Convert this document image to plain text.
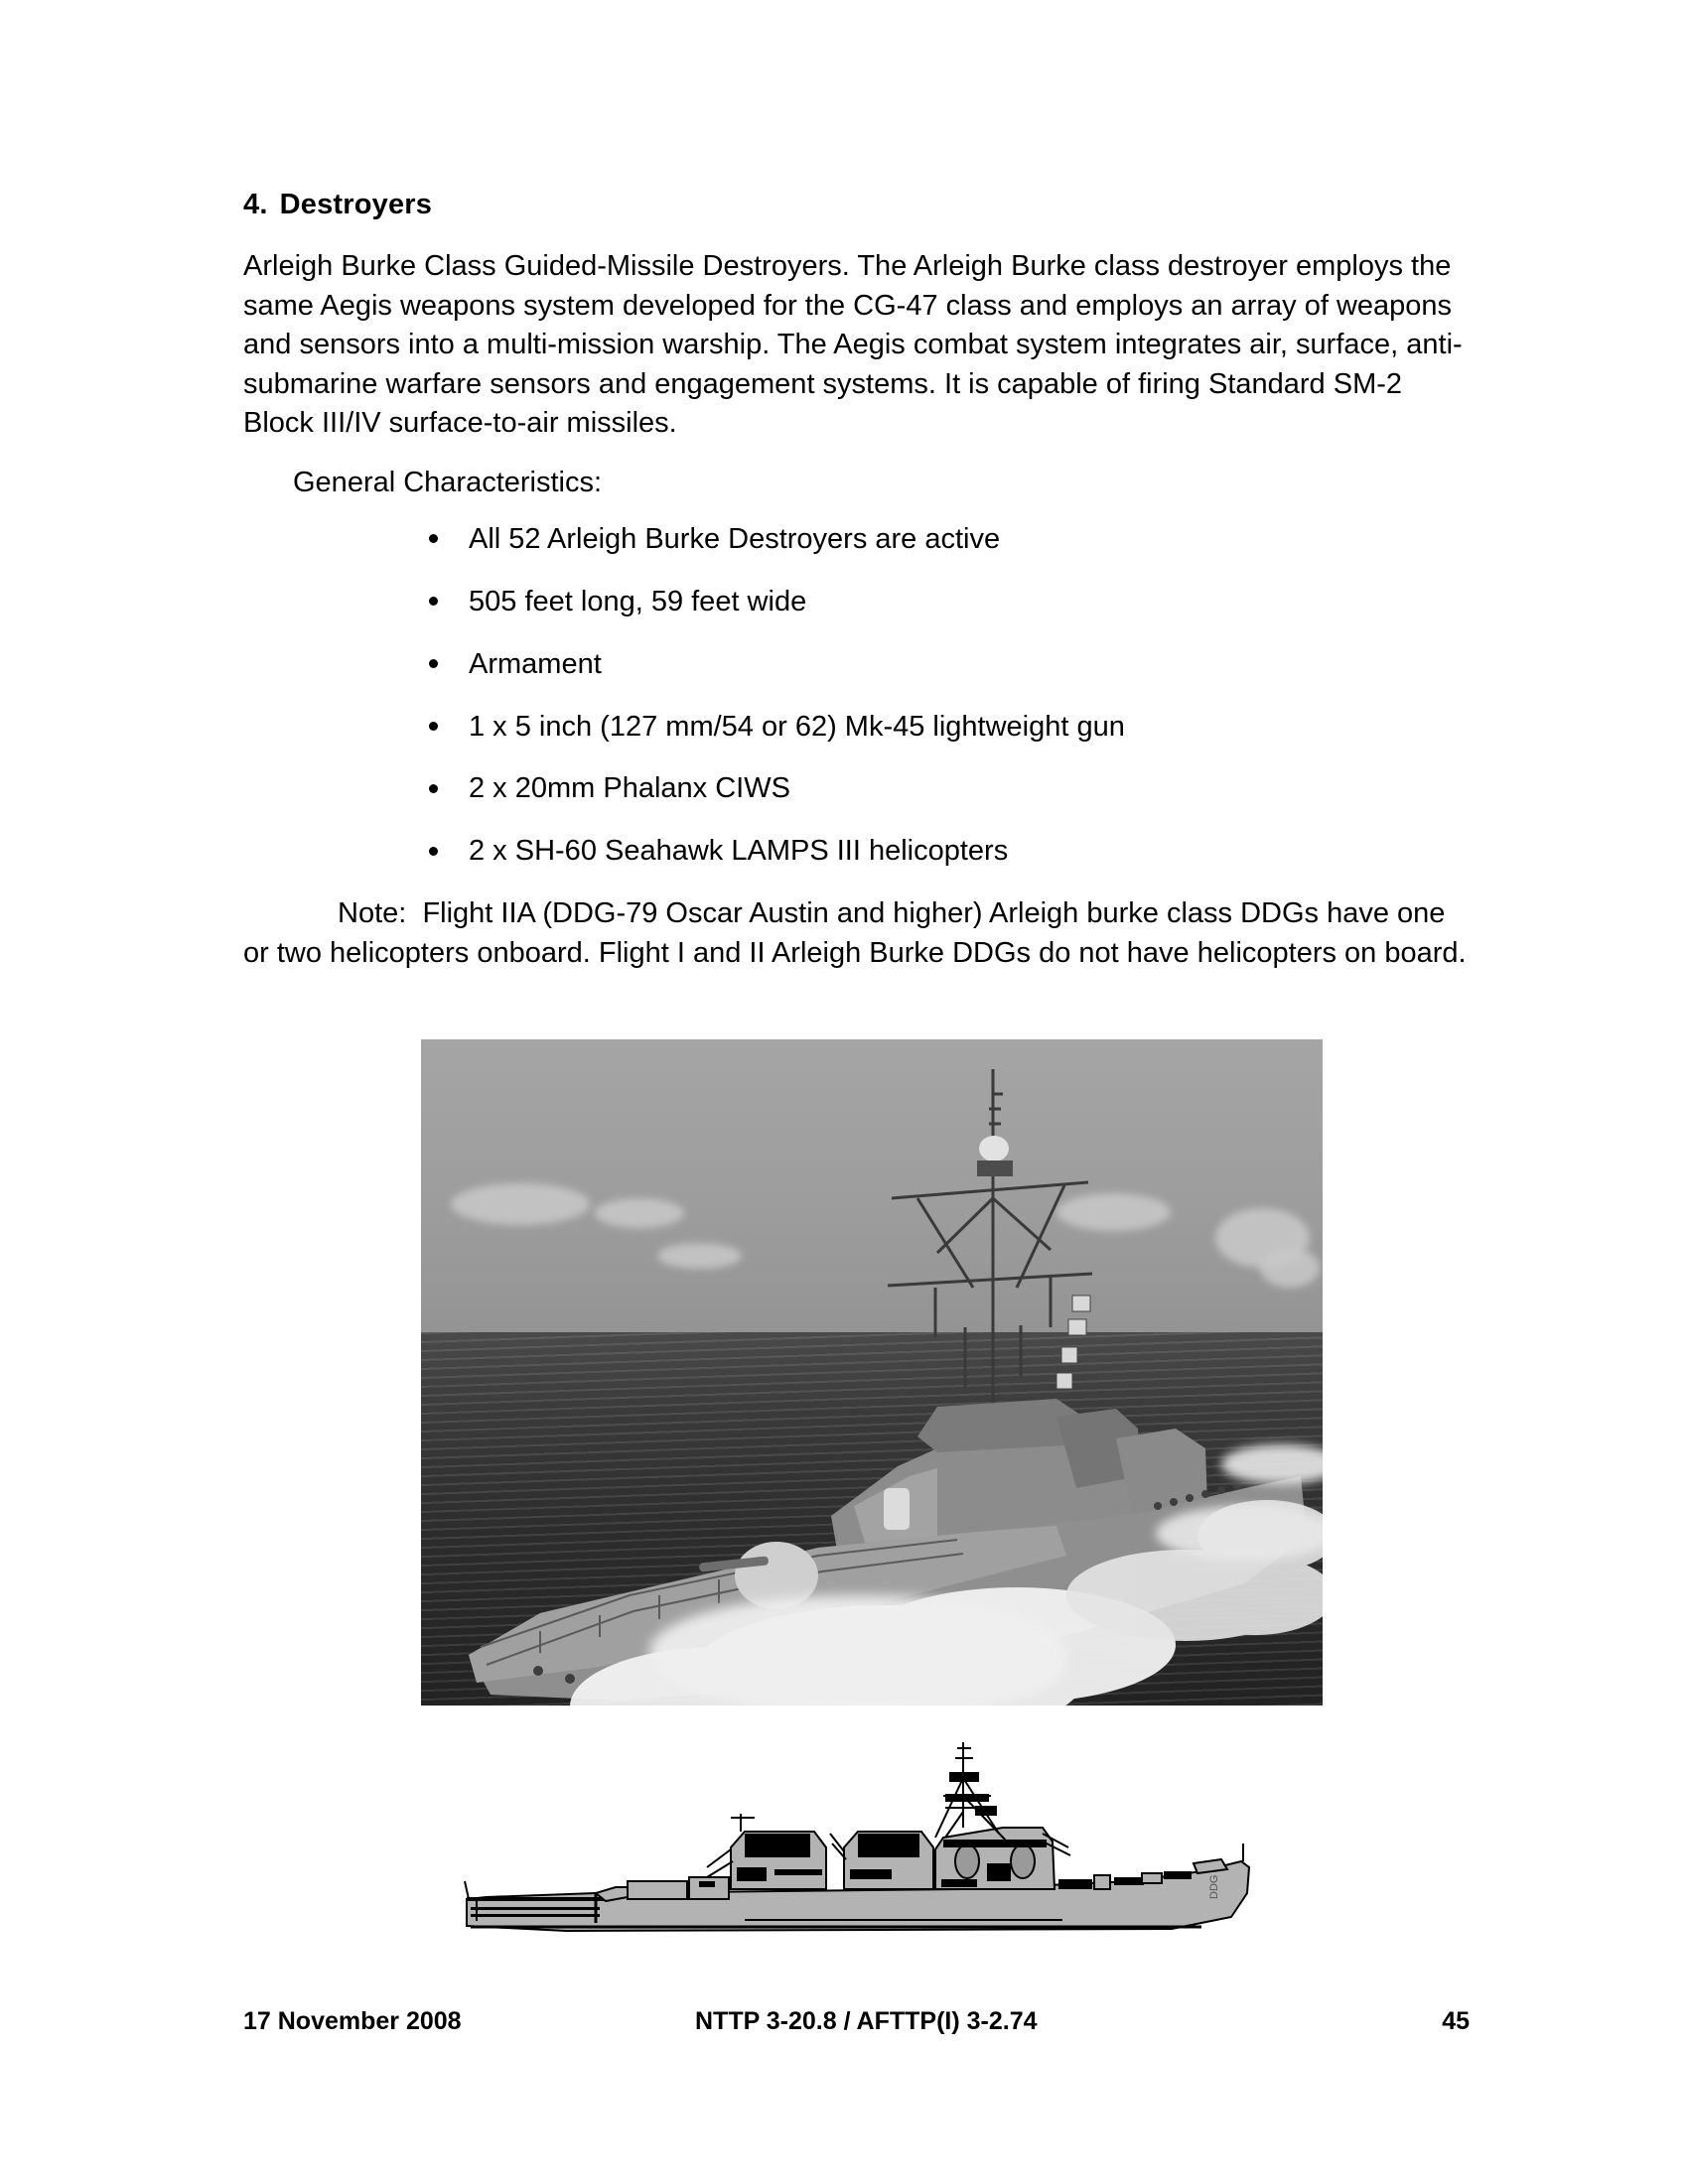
4. Destroyers

Arleigh Burke Class Guided-Missile Destroyers. The Arleigh Burke class destroyer employs the same Aegis weapons system developed for the CG-47 class and employs an array of weapons and sensors into a multi-mission warship. The Aegis combat system integrates air, surface, anti-submarine warfare sensors and engagement systems. It is capable of firing Standard SM-2 Block III/IV surface-to-air missiles.

General Characteristics:

All 52 Arleigh Burke Destroyers are active
505 feet long, 59 feet wide
Armament
1 x 5 inch (127 mm/54 or 62) Mk-45 lightweight gun
2 x 20mm Phalanx CIWS
2 x SH-60 Seahawk LAMPS III helicopters

Note: Flight IIA (DDG-79 Oscar Austin and higher) Arleigh burke class DDGs have one or two helicopters onboard. Flight I and II Arleigh Burke DDGs do not have helicopters on board.

DDG
17 November 2008	NTTP 3-20.8 / AFTTP(I) 3-2.74	45
